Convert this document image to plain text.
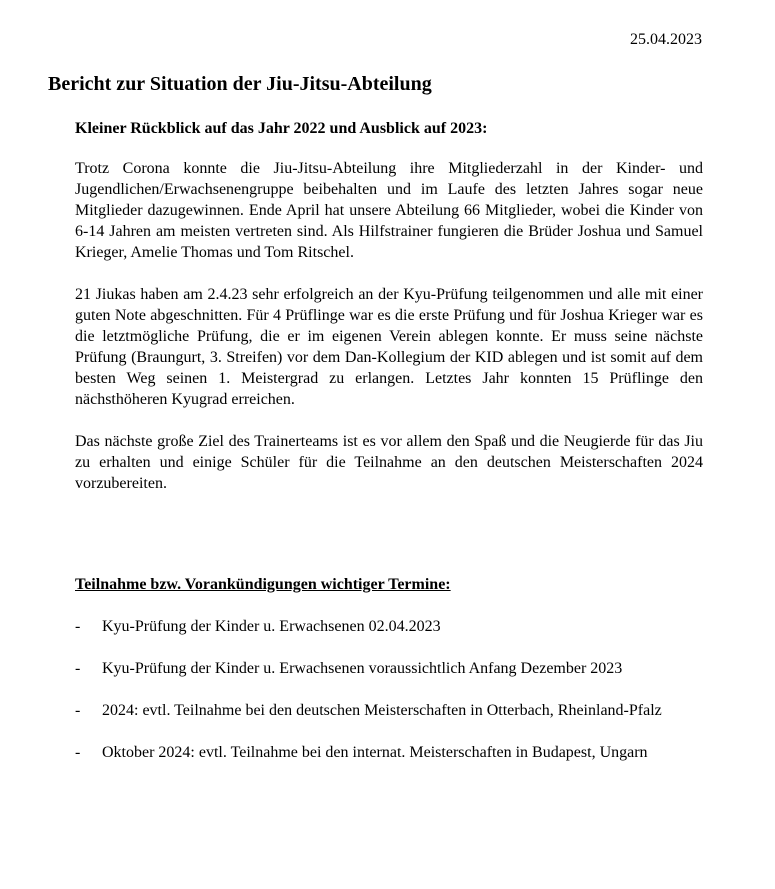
25.04.2023
Bericht zur Situation der Jiu-Jitsu-Abteilung
Kleiner Rückblick auf das Jahr 2022 und Ausblick auf 2023:

Trotz Corona konnte die Jiu-Jitsu-Abteilung ihre Mitgliederzahl in der Kinder- und Jugendlichen/Erwachsenengruppe beibehalten und im Laufe des letzten Jahres sogar neue Mitglieder dazugewinnen. Ende April hat unsere Abteilung 66 Mitglieder, wobei die Kinder von 6-14 Jahren am meisten vertreten sind. Als Hilfstrainer fungieren die Brüder Joshua und Samuel Krieger, Amelie Thomas und Tom Ritschel.

21 Jiukas haben am 2.4.23 sehr erfolgreich an der Kyu-Prüfung teilgenommen und alle mit einer guten Note abgeschnitten. Für 4 Prüflinge war es die erste Prüfung und für Joshua Krieger war es die letztmögliche Prüfung, die er im eigenen Verein ablegen konnte. Er muss seine nächste Prüfung (Braungurt, 3. Streifen) vor dem Dan-Kollegium der KID ablegen und ist somit auf dem besten Weg seinen 1. Meistergrad zu erlangen. Letztes Jahr konnten 15 Prüflinge den nächsthöheren Kyugrad erreichen.

Das nächste große Ziel des Trainerteams ist es vor allem den Spaß und die Neugierde für das Jiu zu erhalten und einige Schüler für die Teilnahme an den deutschen Meisterschaften 2024 vorzubereiten.

Teilnahme bzw. Vorankündigungen wichtiger Termine:
- Kyu-Prüfung der Kinder u. Erwachsenen 02.04.2023
- Kyu-Prüfung der Kinder u. Erwachsenen voraussichtlich Anfang Dezember 2023
- 2024: evtl. Teilnahme bei den deutschen Meisterschaften in Otterbach, Rheinland-Pfalz
- Oktober 2024: evtl. Teilnahme bei den internat. Meisterschaften in Budapest, Ungarn
